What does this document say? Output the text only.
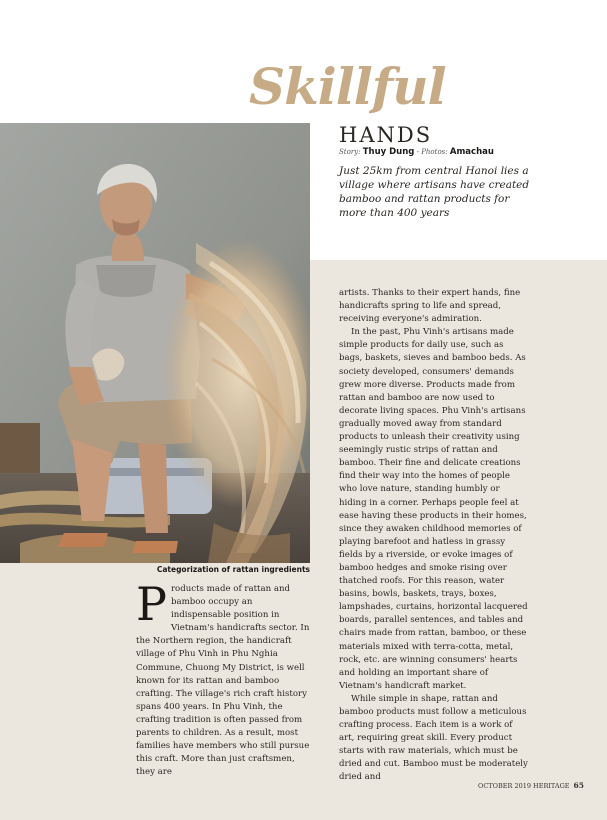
Skillful
HANDS
Story: Thuy Dung - Photos: Amachau
Just 25km from central Hanoi lies a village where artisans have created bamboo and rattan products for more than 400 years
Categorization of rattan ingredients

Products made of rattan and bamboo occupy an indispensable position in Vietnam's handicrafts sector. In the Northern region, the handicraft village of Phu Vinh in Phu Nghia Commune, Chuong My District, is well known for its rattan and bamboo crafting. The village's rich craft history spans 400 years. In Phu Vinh, the crafting tradition is often passed from parents to children. As a result, most families have members who still pursue this craft. More than just craftsmen, they are

artists. Thanks to their expert hands, fine handicrafts spring to life and spread, receiving everyone's admiration.

In the past, Phu Vinh's artisans made simple products for daily use, such as bags, baskets, sieves and bamboo beds. As society developed, consumers' demands grew more diverse. Products made from rattan and bamboo are now used to decorate living spaces. Phu Vinh's artisans gradually moved away from standard products to unleash their creativity using seemingly rustic strips of rattan and bamboo. Their fine and delicate creations find their way into the homes of people who love nature, standing humbly or hiding in a corner. Perhaps people feel at ease having these products in their homes, since they awaken childhood memories of playing barefoot and hatless in grassy fields by a riverside, or evoke images of bamboo hedges and smoke rising over thatched roofs. For this reason, water basins, bowls, baskets, trays, boxes, lampshades, curtains, horizontal lacquered boards, parallel sentences, and tables and chairs made from rattan, bamboo, or these materials mixed with terra-cotta, metal, rock, etc. are winning consumers' hearts and holding an important share of Vietnam's handicraft market.

While simple in shape, rattan and bamboo products must follow a meticulous crafting process. Each item is a work of art, requiring great skill. Every product starts with raw materials, which must be dried and cut. Bamboo must be moderately dried and

OCTOBER 2019 HERITAGE 65
